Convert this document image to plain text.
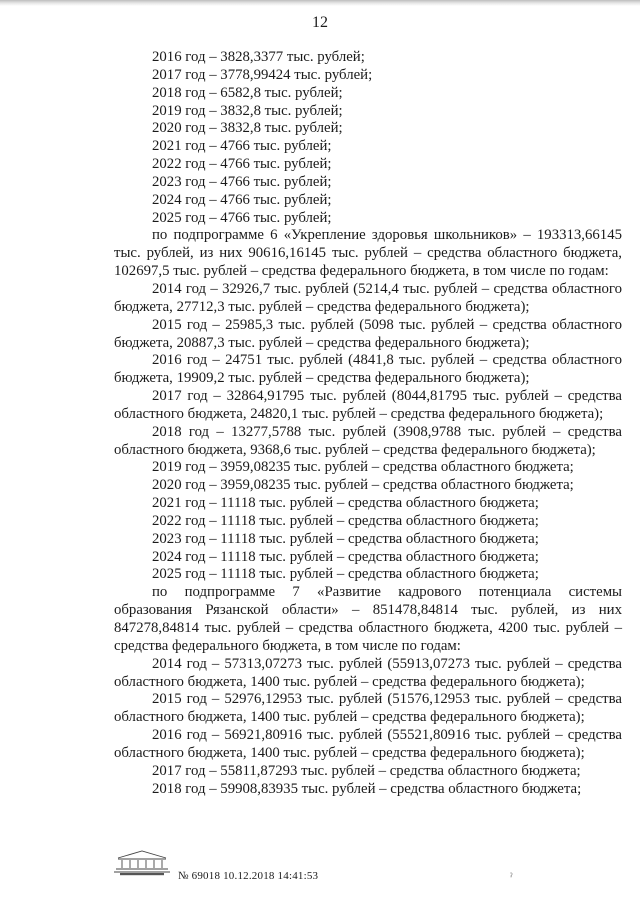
12

2016 год – 3828,3377 тыс. рублей;

2017 год – 3778,99424 тыс. рублей;

2018 год – 6582,8 тыс. рублей;

2019 год – 3832,8 тыс. рублей;

2020 год – 3832,8 тыс. рублей;

2021 год – 4766 тыс. рублей;

2022 год – 4766 тыс. рублей;

2023 год – 4766 тыс. рублей;

2024 год – 4766 тыс. рублей;

2025 год – 4766 тыс. рублей;

по подпрограмме 6 «Укрепление здоровья школьников» – 193313,66145 тыс. рублей, из них 90616,16145 тыс. рублей – средства областного бюджета, 102697,5 тыс. рублей – средства федерального бюджета, в том числе по годам:

2014 год – 32926,7 тыс. рублей (5214,4 тыс. рублей – средства областного бюджета, 27712,3 тыс. рублей – средства федерального бюджета);

2015 год – 25985,3 тыс. рублей (5098 тыс. рублей – средства областного бюджета, 20887,3 тыс. рублей – средства федерального бюджета);

2016 год – 24751 тыс. рублей (4841,8 тыс. рублей – средства областного бюджета, 19909,2 тыс. рублей – средства федерального бюджета);

2017 год – 32864,91795 тыс. рублей (8044,81795 тыс. рублей – средства областного бюджета, 24820,1 тыс. рублей – средства федерального бюджета);

2018 год – 13277,5788 тыс. рублей (3908,9788 тыс. рублей – средства областного бюджета, 9368,6 тыс. рублей – средства федерального бюджета);

2019 год – 3959,08235 тыс. рублей – средства областного бюджета;

2020 год – 3959,08235 тыс. рублей – средства областного бюджета;

2021 год – 11118 тыс. рублей – средства областного бюджета;

2022 год – 11118 тыс. рублей – средства областного бюджета;

2023 год – 11118 тыс. рублей – средства областного бюджета;

2024 год – 11118 тыс. рублей – средства областного бюджета;

2025 год – 11118 тыс. рублей – средства областного бюджета;

по подпрограмме 7 «Развитие кадрового потенциала системы образования Рязанской области» – 851478,84814 тыс. рублей, из них 847278,84814 тыс. рублей – средства областного бюджета, 4200 тыс. рублей – средства федерального бюджета, в том числе по годам:

2014 год – 57313,07273 тыс. рублей (55913,07273 тыс. рублей – средства областного бюджета, 1400 тыс. рублей – средства федерального бюджета);

2015 год – 52976,12953 тыс. рублей (51576,12953 тыс. рублей – средства областного бюджета, 1400 тыс. рублей – средства федерального бюджета);

2016 год – 56921,80916 тыс. рублей (55521,80916 тыс. рублей – средства областного бюджета, 1400 тыс. рублей – средства федерального бюджета);

2017 год – 55811,87293 тыс. рублей – средства областного бюджета;

2018 год – 59908,83935 тыс. рублей – средства областного бюджета;

№ 69018 10.12.2018 14:41:53	ˀ
